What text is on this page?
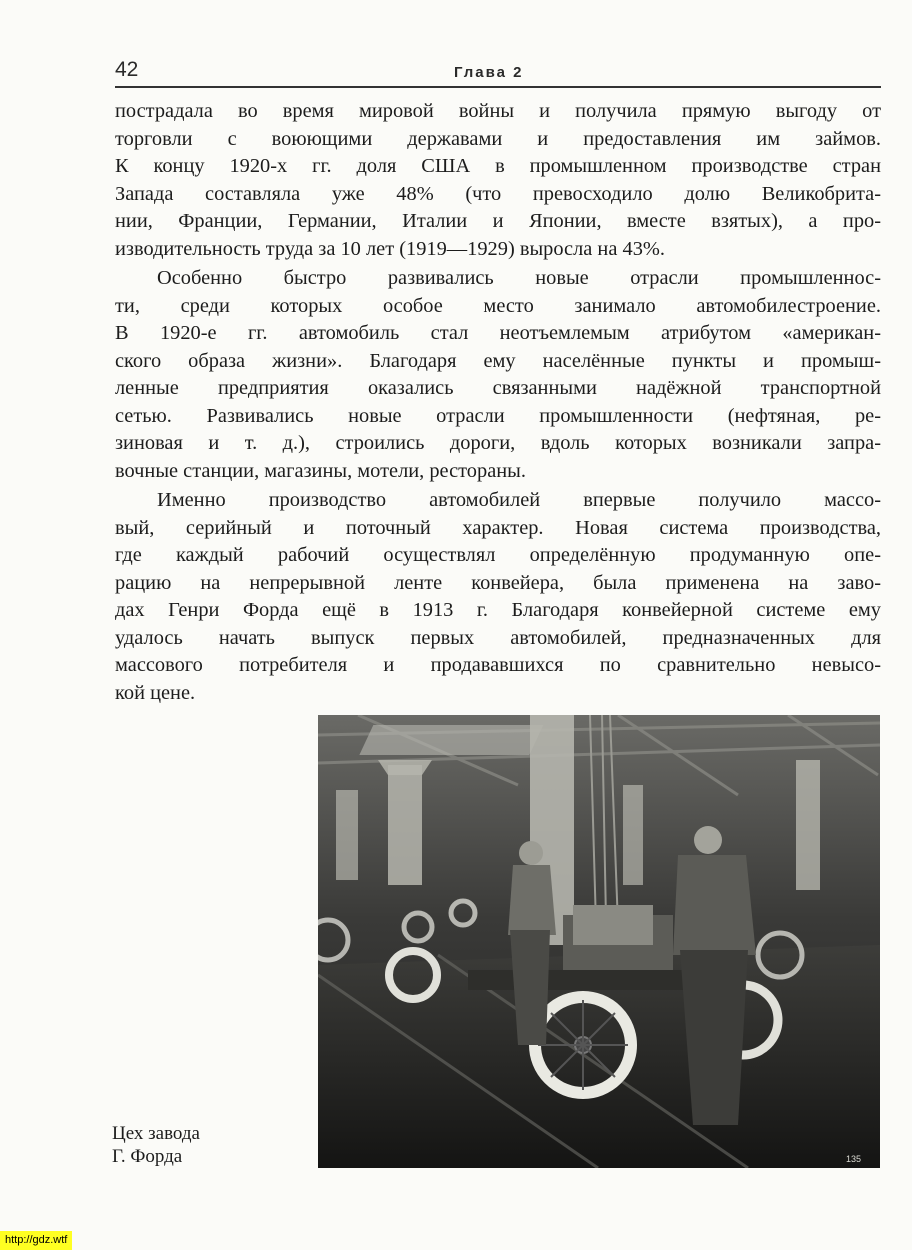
42	Глава 2

пострадала во время мировой войны и получила прямую выгоду от
торговли с воюющими державами и предоставления им займов.
К концу 1920-х гг. доля США в промышленном производстве стран
Запада составляла уже 48% (что превосходило долю Великобрита-
нии, Франции, Германии, Италии и Японии, вместе взятых), а про-
изводительность труда за 10 лет (1919—1929) выросла на 43%.

Особенно быстро развивались новые отрасли промышленнос-
ти, среди которых особое место занимало автомобилестроение.
В 1920-е гг. автомобиль стал неотъемлемым атрибутом «американ-
ского образа жизни». Благодаря ему населённые пункты и промыш-
ленные предприятия оказались связанными надёжной транспортной
сетью. Развивались новые отрасли промышленности (нефтяная, ре-
зиновая и т. д.), строились дороги, вдоль которых возникали запра-
вочные станции, магазины, мотели, рестораны.

Именно производство автомобилей впервые получило массо-
вый, серийный и поточный характер. Новая система производства,
где каждый рабочий осуществлял определённую продуманную опе-
рацию на непрерывной ленте конвейера, была применена на заво-
дах Генри Форда ещё в 1913 г. Благодаря конвейерной системе ему
удалось начать выпуск первых автомобилей, предназначенных для
массового потребителя и продававшихся по сравнительно невысо-
кой цене.

135
Цех завода
Г. Форда
http://gdz.wtf
